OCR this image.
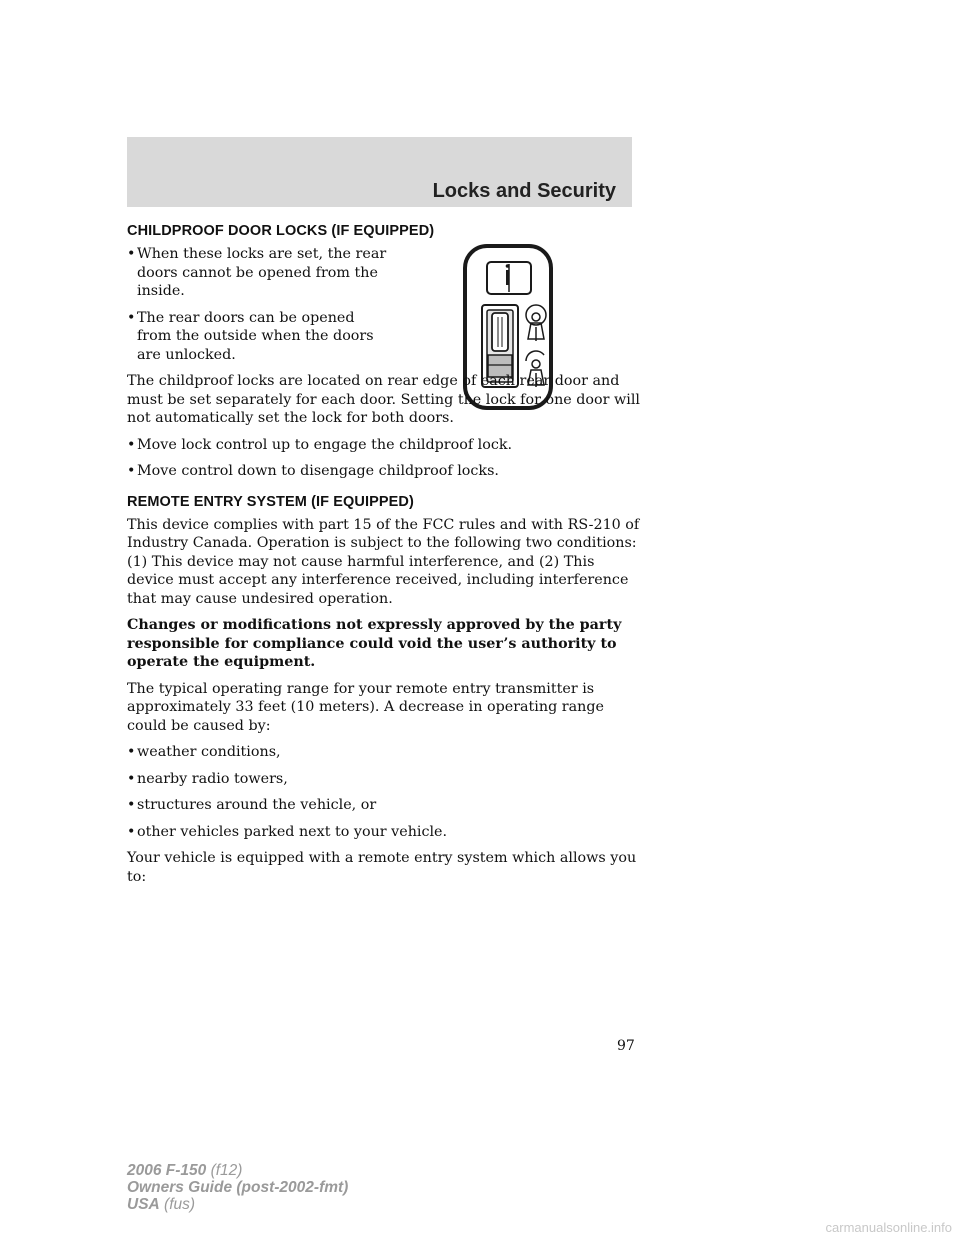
Locks and Security
CHILDPROOF DOOR LOCKS (IF EQUIPPED)
• When these locks are set, the rear doors cannot be opened from the inside.
• The rear doors can be opened from the outside when the doors are unlocked.

The childproof locks are located on rear edge of each rear door and must be set separately for each door. Setting the lock for one door will not automatically set the lock for both doors.

• Move lock control up to engage the childproof lock.
• Move control down to disengage childproof locks.
REMOTE ENTRY SYSTEM (IF EQUIPPED)

This device complies with part 15 of the FCC rules and with RS-210 of Industry Canada. Operation is subject to the following two conditions: (1) This device may not cause harmful interference, and (2) This device must accept any interference received, including interference that may cause undesired operation.

Changes or modifications not expressly approved by the party responsible for compliance could void the user’s authority to operate the equipment.

The typical operating range for your remote entry transmitter is approximately 33 feet (10 meters). A decrease in operating range could be caused by:

• weather conditions,
• nearby radio towers,
• structures around the vehicle, or
• other vehicles parked next to your vehicle.

Your vehicle is equipped with a remote entry system which allows you to:

97

2006 F-150 (f12)
Owners Guide (post-2002-fmt)
USA (fus)
carmanualsonline.info
